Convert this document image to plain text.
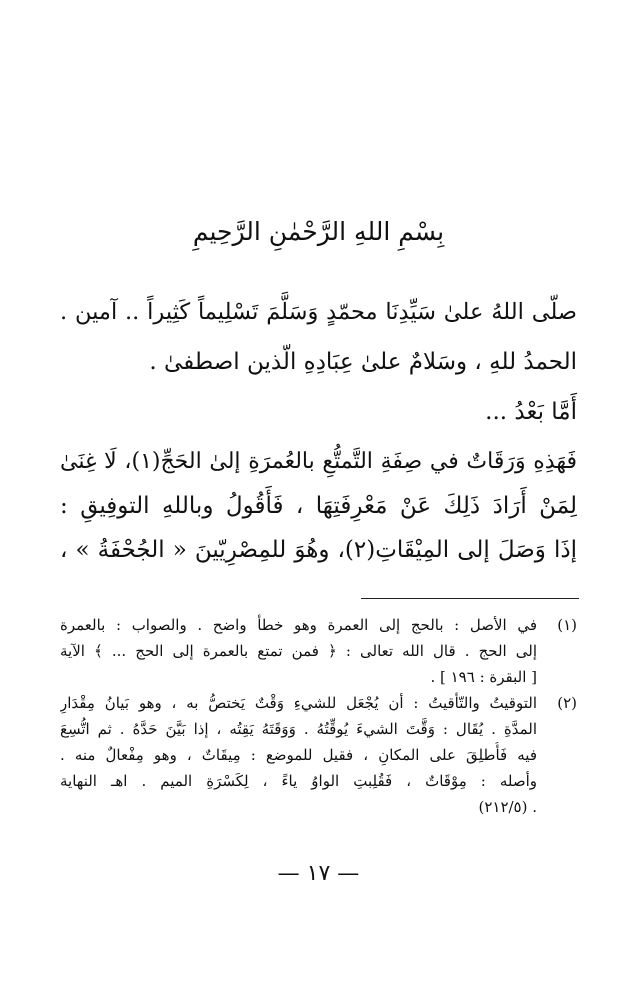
بِسْمِ اللهِ الرَّحْمٰنِ الرَّحِيمِ
صلّى اللهُ علىٰ سَيِّدِنَا محمّدٍ وَسَلَّمَ تَسْلِيماً كَثِيراً .. آمين .
الحمدُ للهِ ، وسَلامٌ علىٰ عِبَادِهِ الّذين اصطفىٰ .
أَمَّا بَعْدُ ...
فَهَذِهِ وَرَقَاتٌ في صِفَةِ التَّمتُّعِ بالعُمرَةِ إلىٰ الحَجِّ(١)، لَا غِنَىٰ
لِمَنْ أَرَادَ ذَلِكَ عَنْ مَعْرِفَتِهَا ، فَأَقُولُ وباللهِ التوفِيقِ :
إذَا وَصَلَ إلى المِيْقَاتِ(٢)، وهُوَ للمِصْرِيّينَ « الجُحْفَةُ » ،
(١)
في الأصل : بالحج إلى العمرة وهو خطأ واضح . والصواب : بالعمرة
إلى الحج . قال الله تعالى : ﴿ فمن تمتع بالعمرة إلى الحج ... ﴾ الآية
[ البقرة : ١٩٦ ] .
(٢)
التوقيتُ والتّأقيتُ : أن يُجْعَل للشيءِ وَقْتٌ يَختصُّ به ، وهو بَيانُ مِقْدَارِ
المدَّةِ . يُقَال : وَقَّتَ الشيءَ يُوقِّتُهُ . وَوَقَتَهُ يَقِتُه ، إذا بَيَّنَ حَدَّهُ . ثم اتُّسِعَ
فيه فَأُطلِقَ على المكانِ ، فقيل للموضع : مِيقَاتٌ ، وهو مِفْعالٌ منه .
وأصله : مِوْقَاتٌ ، فَقُلِبتِ الواوُ ياءً ، لِكَسْرَةِ الميم . اهـ النهاية
. (٢١٢/٥)
— ١٧ —
